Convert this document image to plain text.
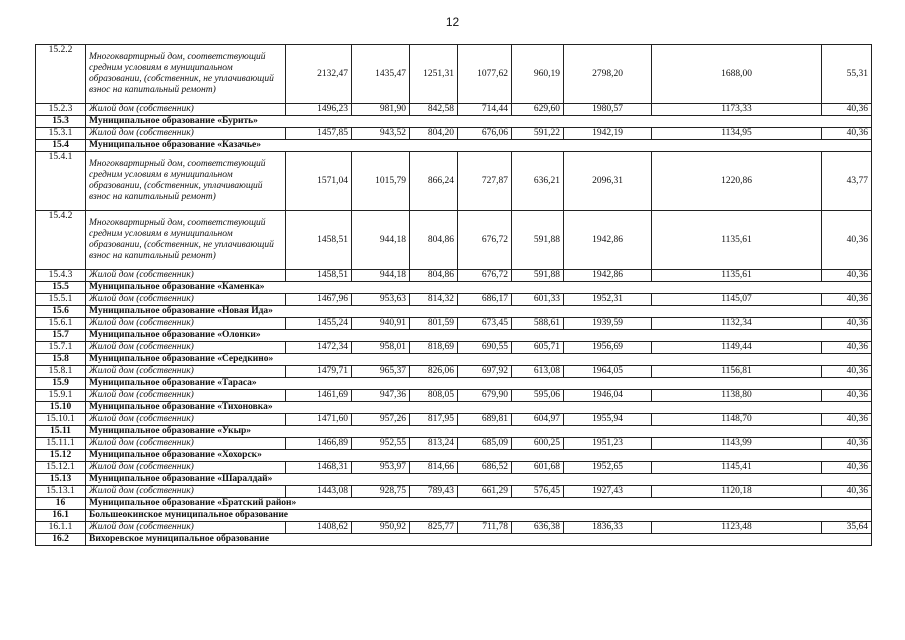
12
15.2.2	Многоквартирный дом, соответствующий средним условиям в муниципальном образовании, (собственник, не уплачивающий взнос на капитальный ремонт)	2132,47	1435,47	1251,31	1077,62	960,19	2798,20	1688,00	55,31
15.2.3	Жилой дом (собственник)	1496,23	981,90	842,58	714,44	629,60	1980,57	1173,33	40,36
15.3	Муниципальное образование «Бурить»								
15.3.1	Жилой дом (собственник)	1457,85	943,52	804,20	676,06	591,22	1942,19	1134,95	40,36
15.4	Муниципальное образование «Казачье»								
15.4.1	Многоквартирный дом, соответствующий средним условиям в муниципальном образовании, (собственник, уплачивающий взнос на капитальный ремонт)	1571,04	1015,79	866,24	727,87	636,21	2096,31	1220,86	43,77
15.4.2	Многоквартирный дом, соответствующий средним условиям в муниципальном образовании, (собственник, не уплачивающий взнос на капитальный ремонт)	1458,51	944,18	804,86	676,72	591,88	1942,86	1135,61	40,36
15.4.3	Жилой дом (собственник)	1458,51	944,18	804,86	676,72	591,88	1942,86	1135,61	40,36
15.5	Муниципальное образование «Каменка»								
15.5.1	Жилой дом (собственник)	1467,96	953,63	814,32	686,17	601,33	1952,31	1145,07	40,36
15.6	Муниципальное образование «Новая Ида»								
15.6.1	Жилой дом (собственник)	1455,24	940,91	801,59	673,45	588,61	1939,59	1132,34	40,36
15.7	Муниципальное образование «Олонки»								
15.7.1	Жилой дом (собственник)	1472,34	958,01	818,69	690,55	605,71	1956,69	1149,44	40,36
15.8	Муниципальное образование «Середкино»								
15.8.1	Жилой дом (собственник)	1479,71	965,37	826,06	697,92	613,08	1964,05	1156,81	40,36
15.9	Муниципальное образование «Тараса»								
15.9.1	Жилой дом (собственник)	1461,69	947,36	808,05	679,90	595,06	1946,04	1138,80	40,36
15.10	Муниципальное образование «Тихоновка»								
15.10.1	Жилой дом (собственник)	1471,60	957,26	817,95	689,81	604,97	1955,94	1148,70	40,36
15.11	Муниципальное образование «Укыр»								
15.11.1	Жилой дом (собственник)	1466,89	952,55	813,24	685,09	600,25	1951,23	1143,99	40,36
15.12	Муниципальное образование «Хохорск»								
15.12.1	Жилой дом (собственник)	1468,31	953,97	814,66	686,52	601,68	1952,65	1145,41	40,36
15.13	Муниципальное образование «Шаралдай»								
15.13.1	Жилой дом (собственник)	1443,08	928,75	789,43	661,29	576,45	1927,43	1120,18	40,36
16	Муниципальное образование «Братский район»								
16.1	Большеокинское муниципальное образование								
16.1.1	Жилой дом (собственник)	1408,62	950,92	825,77	711,78	636,38	1836,33	1123,48	35,64
16.2	Вихоревское муниципальное образование								
